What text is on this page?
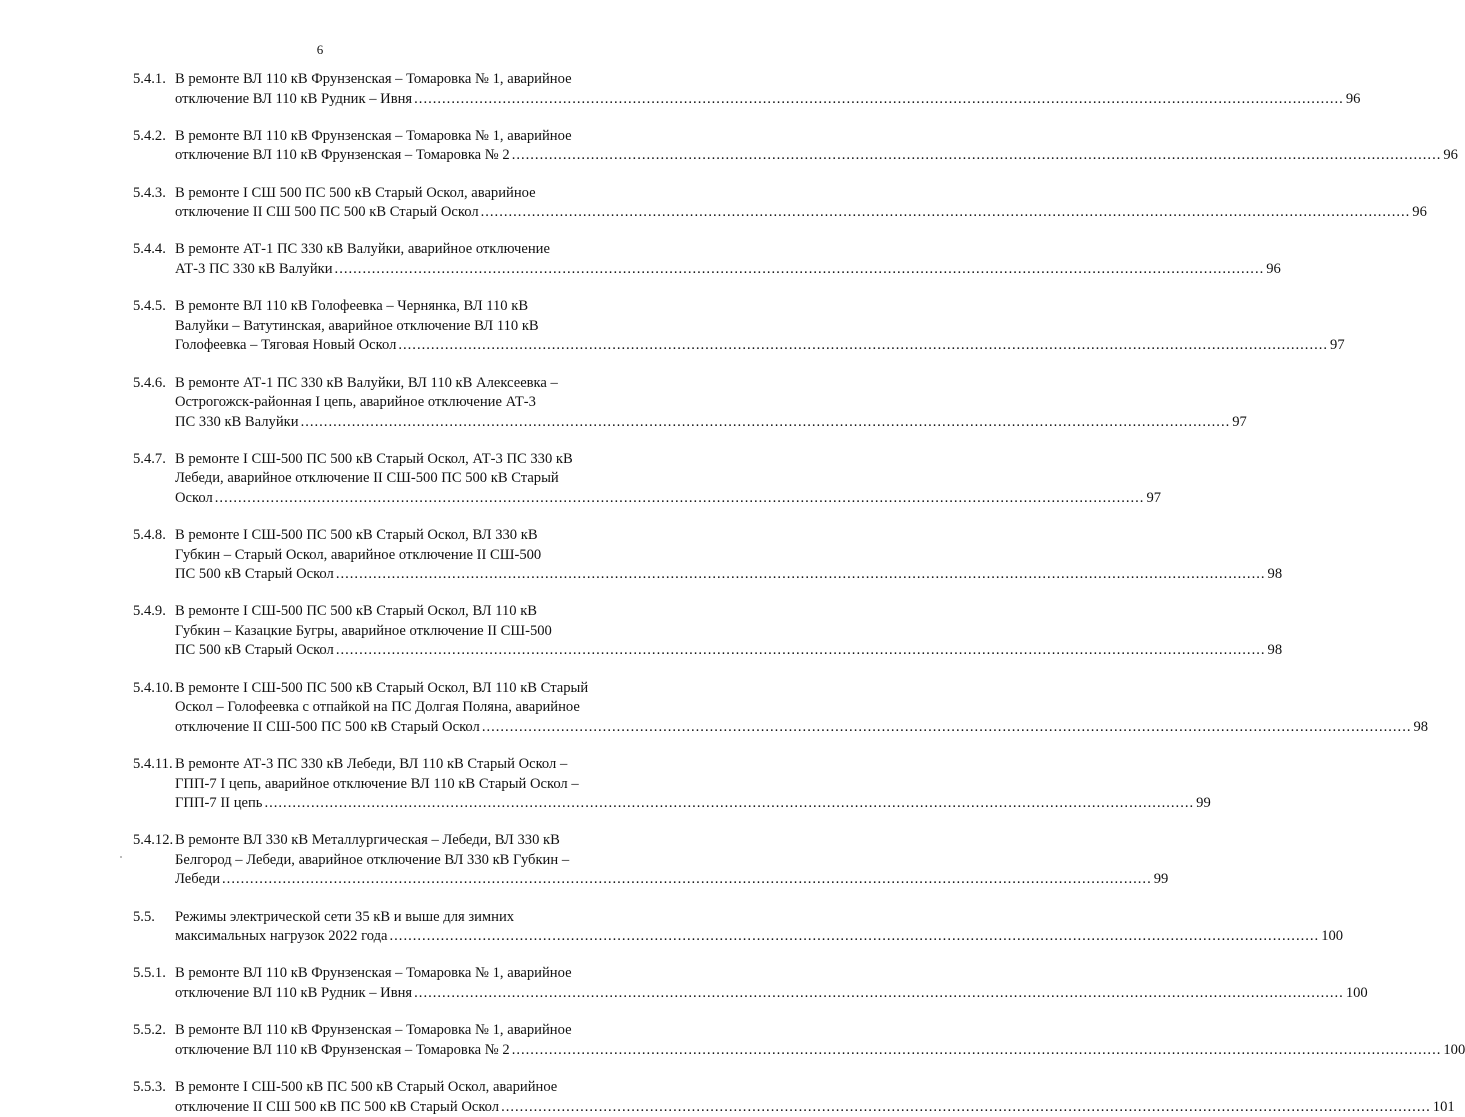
6
5.4.1. В ремонте ВЛ 110 кВ Фрунзенская – Томаровка № 1, аварийное
отключение ВЛ 110 кВ Рудник – Ивня ........................................................................................................................................................................................................ 96
5.4.2. В ремонте ВЛ 110 кВ Фрунзенская – Томаровка № 1, аварийное
отключение ВЛ 110 кВ Фрунзенская – Томаровка № 2 ........................................................................................................................................................................................................ 96
5.4.3. В ремонте I СШ 500 ПС 500 кВ Старый Оскол, аварийное
отключение II СШ 500 ПС 500 кВ Старый Оскол ........................................................................................................................................................................................................ 96
5.4.4. В ремонте АТ-1 ПС 330 кВ Валуйки, аварийное отключение
АТ-3 ПС 330 кВ Валуйки ........................................................................................................................................................................................................ 96
5.4.5. В ремонте ВЛ 110 кВ Голофеевка – Чернянка, ВЛ 110 кВ
Валуйки – Ватутинская, аварийное отключение ВЛ 110 кВ
Голофеевка – Тяговая Новый Оскол ........................................................................................................................................................................................................ 97
5.4.6. В ремонте АТ-1 ПС 330 кВ Валуйки, ВЛ 110 кВ Алексеевка –
Острогожск-районная I цепь, аварийное отключение АТ-3
ПС 330 кВ Валуйки ........................................................................................................................................................................................................ 97
5.4.7. В ремонте I СШ-500 ПС 500 кВ Старый Оскол, АТ-3 ПС 330 кВ
Лебеди, аварийное отключение II СШ-500 ПС 500 кВ Старый
Оскол ........................................................................................................................................................................................................ 97
5.4.8. В ремонте I СШ-500 ПС 500 кВ Старый Оскол, ВЛ 330 кВ
Губкин – Старый Оскол, аварийное отключение II СШ-500
ПС 500 кВ Старый Оскол ........................................................................................................................................................................................................ 98
5.4.9. В ремонте I СШ-500 ПС 500 кВ Старый Оскол, ВЛ 110 кВ
Губкин – Казацкие Бугры, аварийное отключение II СШ-500
ПС 500 кВ Старый Оскол ........................................................................................................................................................................................................ 98
5.4.10. В ремонте I СШ-500 ПС 500 кВ Старый Оскол, ВЛ 110 кВ Старый
Оскол – Голофеевка с отпайкой на ПС Долгая Поляна, аварийное
отключение II СШ-500 ПС 500 кВ Старый Оскол ........................................................................................................................................................................................................ 98
5.4.11. В ремонте АТ-3 ПС 330 кВ Лебеди, ВЛ 110 кВ Старый Оскол –
ГПП-7 I цепь, аварийное отключение ВЛ 110 кВ Старый Оскол –
ГПП-7 II цепь ........................................................................................................................................................................................................ 99
5.4.12. В ремонте ВЛ 330 кВ Металлургическая – Лебеди, ВЛ 330 кВ
Белгород – Лебеди, аварийное отключение ВЛ 330 кВ Губкин –
Лебеди ........................................................................................................................................................................................................ 99
5.5. Режимы электрической сети 35 кВ и выше для зимних
максимальных нагрузок 2022 года ........................................................................................................................................................................................................ 100
5.5.1. В ремонте ВЛ 110 кВ Фрунзенская – Томаровка № 1, аварийное
отключение ВЛ 110 кВ Рудник – Ивня ........................................................................................................................................................................................................ 100
5.5.2. В ремонте ВЛ 110 кВ Фрунзенская – Томаровка № 1, аварийное
отключение ВЛ 110 кВ Фрунзенская – Томаровка № 2 ........................................................................................................................................................................................................ 100
5.5.3. В ремонте I СШ-500 кВ ПС 500 кВ Старый Оскол, аварийное
отключение II СШ 500 кВ ПС 500 кВ Старый Оскол ........................................................................................................................................................................................................ 101
